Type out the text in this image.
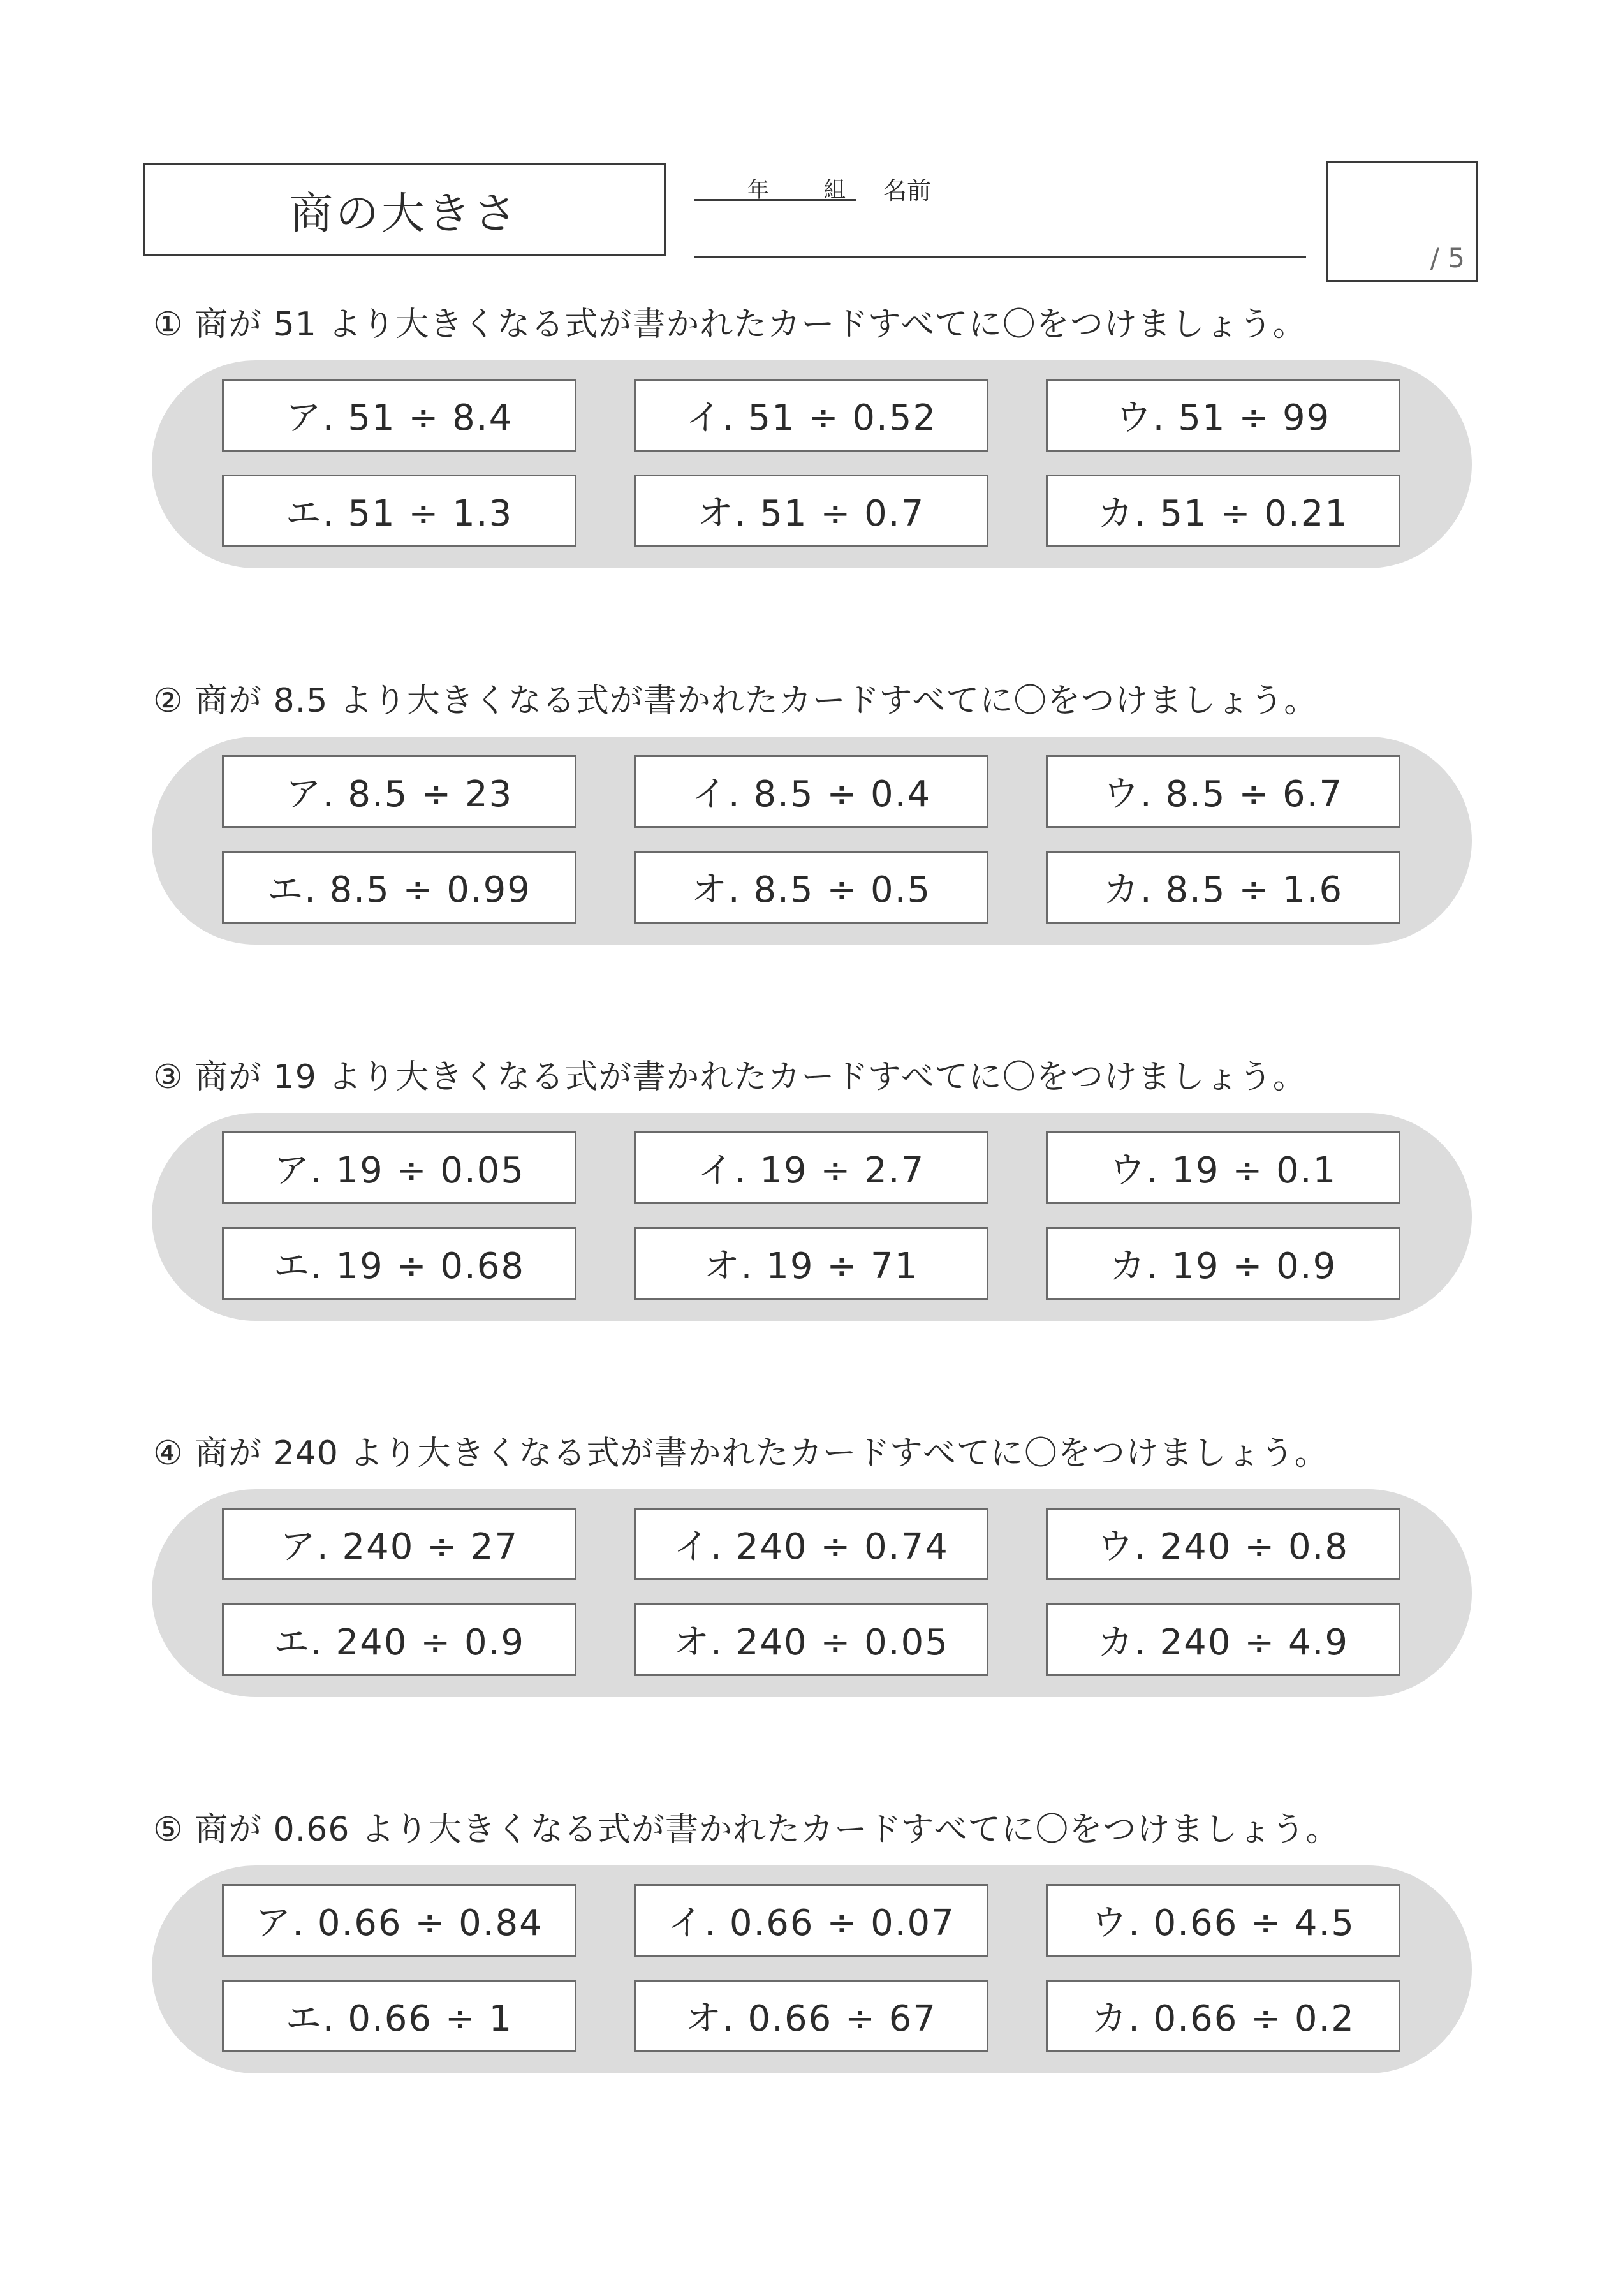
商の大きさ	年	組 名前
/ 5
① 商が 51 より大きくなる式が書かれたカードすべてに〇をつけましょう。
ア. 51 ÷ 8.4	イ. 51 ÷ 0.52	ウ. 51 ÷ 99
エ. 51 ÷ 1.3	オ. 51 ÷ 0.7	カ. 51 ÷ 0.21
② 商が 8.5 より大きくなる式が書かれたカードすべてに〇をつけましょう。
ア. 8.5 ÷ 23	イ. 8.5 ÷ 0.4	ウ. 8.5 ÷ 6.7
エ. 8.5 ÷ 0.99	オ. 8.5 ÷ 0.5	カ. 8.5 ÷ 1.6
③ 商が 19 より大きくなる式が書かれたカードすべてに〇をつけましょう。
ア. 19 ÷ 0.05	イ. 19 ÷ 2.7	ウ. 19 ÷ 0.1
エ. 19 ÷ 0.68	オ. 19 ÷ 71	カ. 19 ÷ 0.9
④ 商が 240 より大きくなる式が書かれたカードすべてに〇をつけましょう。
ア. 240 ÷ 27	イ. 240 ÷ 0.74	ウ. 240 ÷ 0.8
エ. 240 ÷ 0.9	オ. 240 ÷ 0.05	カ. 240 ÷ 4.9
⑤ 商が 0.66 より大きくなる式が書かれたカードすべてに〇をつけましょう。
ア. 0.66 ÷ 0.84	イ. 0.66 ÷ 0.07	ウ. 0.66 ÷ 4.5
エ. 0.66 ÷ 1	オ. 0.66 ÷ 67	カ. 0.66 ÷ 0.2
